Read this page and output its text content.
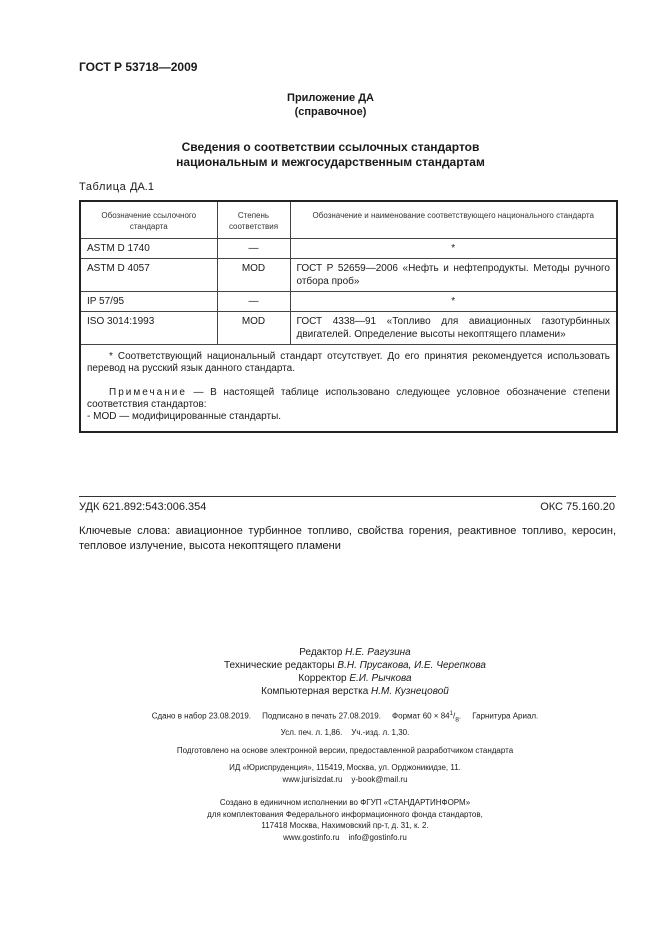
ГОСТ Р 53718—2009
Приложение ДА
(справочное)
Сведения о соответствии ссылочных стандартов
национальным и межгосударственным стандартам
Таблица ДА.1
Обозначение ссылочного стандарта	Степень соответствия	Обозначение и наименование соответствующего национального стандарта
ASTM D 1740	—	*
ASTM D 4057	MOD	ГОСТ Р 52659—2006 «Нефть и нефтепродукты. Методы ручного отбора проб»
IP 57/95	—	*
ISO 3014:1993	MOD	ГОСТ 4338—91 «Топливо для авиационных газотурбинных двигателей. Определение высоты некоптящего пламени»

* Соответствующий национальный стандарт отсутствует. До его принятия рекомендуется использовать перевод на русский язык данного стандарта.

Примечание — В настоящей таблице использовано следующее условное обозначение степени соответствия стандартов:

- MOD — модифицированные стандарты.		
УДК 621.892:543:006.354	ОКС 75.160.20
Ключевые слова: авиационное турбинное топливо, свойства горения, реактивное топливо, керосин, тепловое излучение, высота некоптящего пламени
Редактор Н.Е. Рагузина
Технические редакторы В.Н. Прусакова, И.Е. Черепкова
Корректор Е.И. Рычкова
Компьютерная верстка Н.М. Кузнецовой
Сдано в набор 23.08.2019. Подписано в печать 27.08.2019. Формат $60 \times 84^1/_8$.     Гарнитура Ариал.
Усл. печ. л. 1,86. Уч.-изд. л. 1,30.
Подготовлено на основе электронной версии, предоставленной разработчиком стандарта
ИД «Юриспруденция», 115419, Москва, ул. Орджоникидзе, 11.
www.jurisizdat.ru y-book@mail.ru
Создано в единичном исполнении во ФГУП «СТАНДАРТИНФОРМ»
для комплектования Федерального информационного фонда стандартов,
117418 Москва, Нахимовский пр-т, д. 31, к. 2.
www.gostinfo.ru info@gostinfo.ru
